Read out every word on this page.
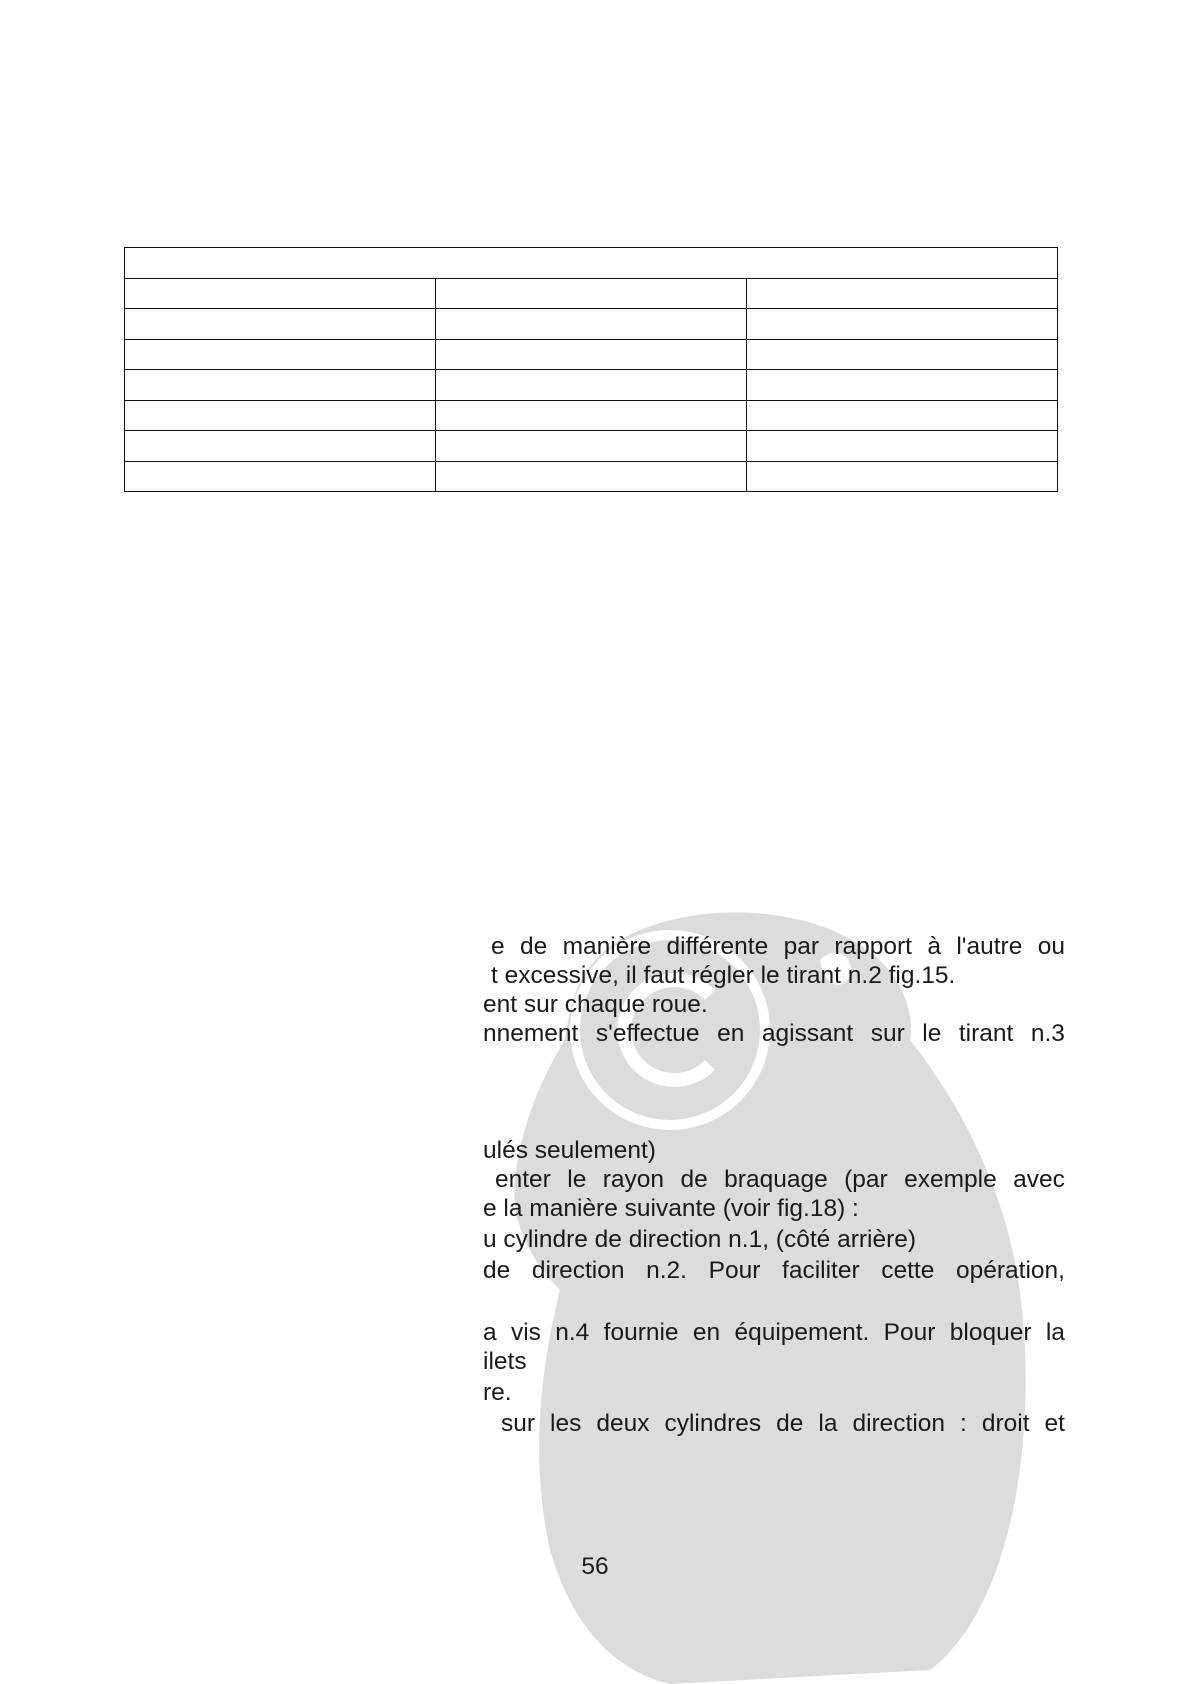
e de manière différente par rapport à l'autre ou
t excessive, il faut régler le tirant n.2 fig.15.
ent sur chaque roue.
nnement s'effectue en agissant sur le tirant n.3
ulés seulement)
enter le rayon de braquage (par exemple avec
e la manière suivante (voir fig.18) :
u cylindre de direction n.1, (côté arrière)
de direction n.2. Pour faciliter cette opération,
a vis n.4 fournie en équipement. Pour bloquer la
ilets
re.
sur les deux cylindres de la direction : droit et
56
